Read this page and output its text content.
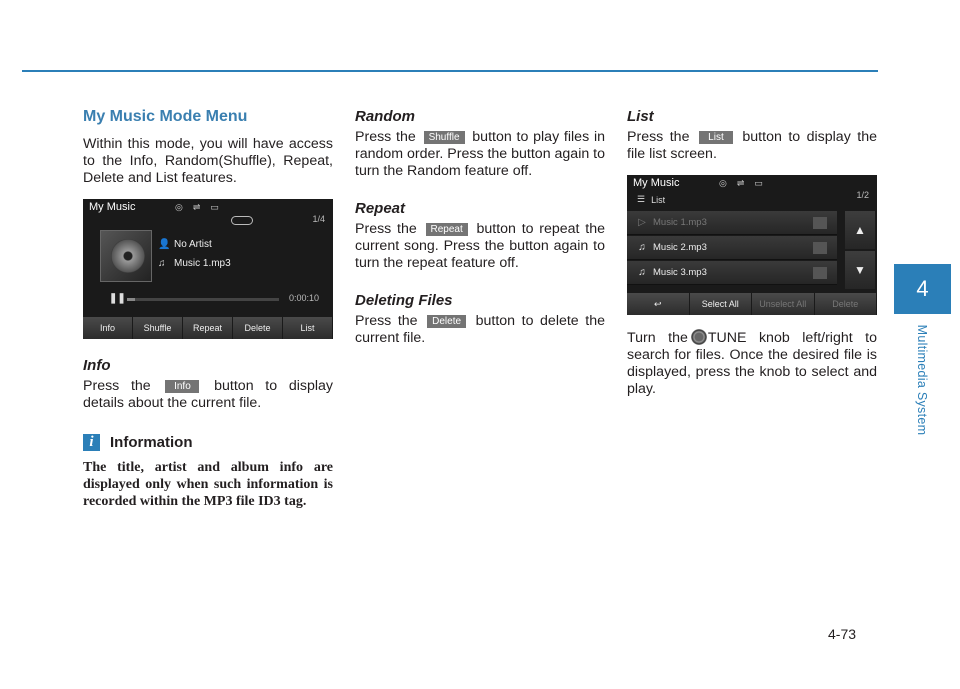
4
Multimedia System
4-73
My Music Mode Menu
Within this mode, you will have access to the Info, Random(Shuffle), Repeat, Delete and List features.
My Music	◎⇌▭
1/4
👤 No Artist
♫ Music 1.mp3
❚❚	0:00:10
Info	Shuffle	Repeat	Delete	List
Info
Press the Info button to display details about the current file.
i	Information
The title, artist and album info are displayed only when such information is recorded within the MP3 file ID3 tag.
Random
Press the Shuffle button to play files in random order. Press the button again to turn the Random feature off.
Repeat
Press the Repeat button to repeat the current song. Press the button again to turn the repeat feature off.
Deleting Files
Press the Delete button to delete the current file.
List
Press the List button to display the file list screen.
My Music	◎⇌▭
☰ List	1/2
▷ Music 1.mp3
♫ Music 2.mp3
♫ Music 3.mp3
▲
▼
↩	Select All	Unselect All	Delete
Turn the TUNE knob left/right to search for files. Once the desired file is displayed, press the knob to select and play.
